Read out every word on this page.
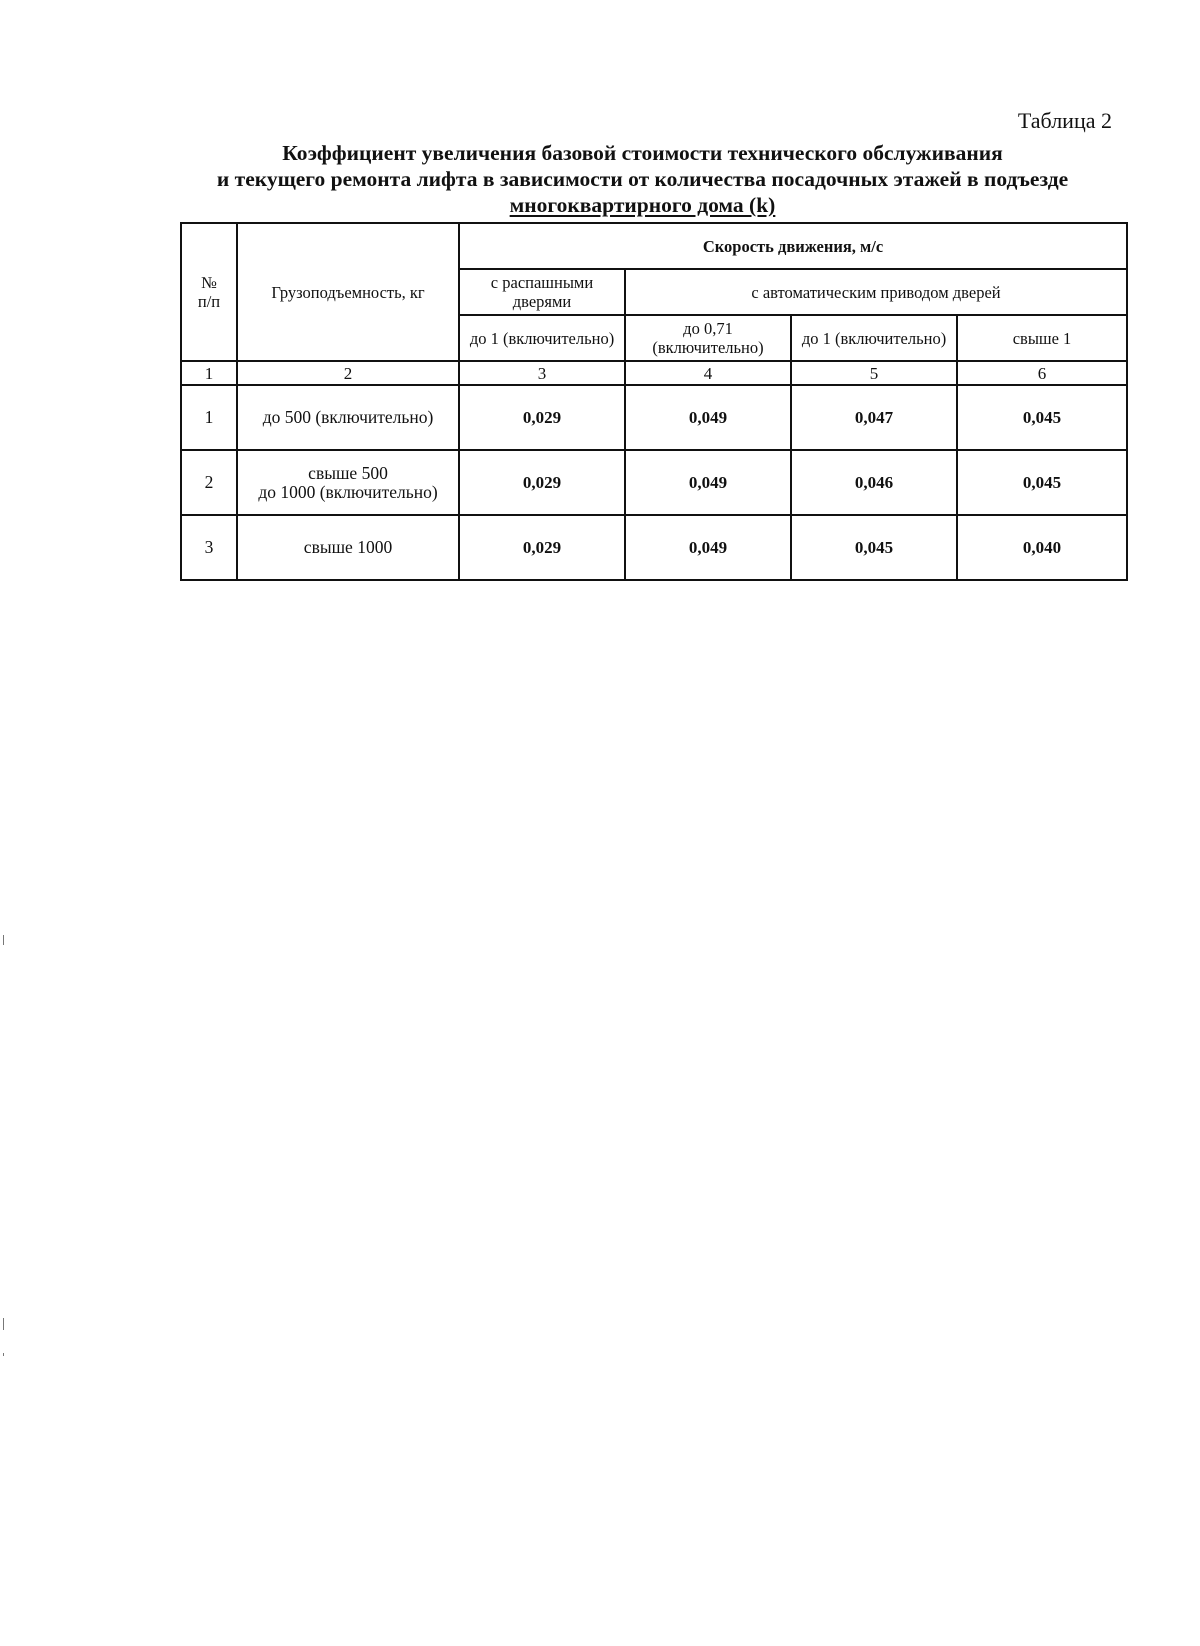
Таблица 2
Коэффициент увеличения базовой стоимости технического обслуживания
и текущего ремонта лифта в зависимости от количества посадочных этажей в подъезде
многоквартирного дома (k)
№
п/п	Грузоподъемность, кг	Скорость движения, м/с			
		с распашными дверями	с автоматическим приводом дверей		
		до 1 (включительно)	до 0,71 (включительно)	до 1 (включительно)	свыше 1
1	2	3	4	5	6
1	до 500 (включительно)	0,029	0,049	0,047	0,045
2	свыше 500
до 1000 (включительно)	0,029	0,049	0,046	0,045
3	свыше 1000	0,029	0,049	0,045	0,040
